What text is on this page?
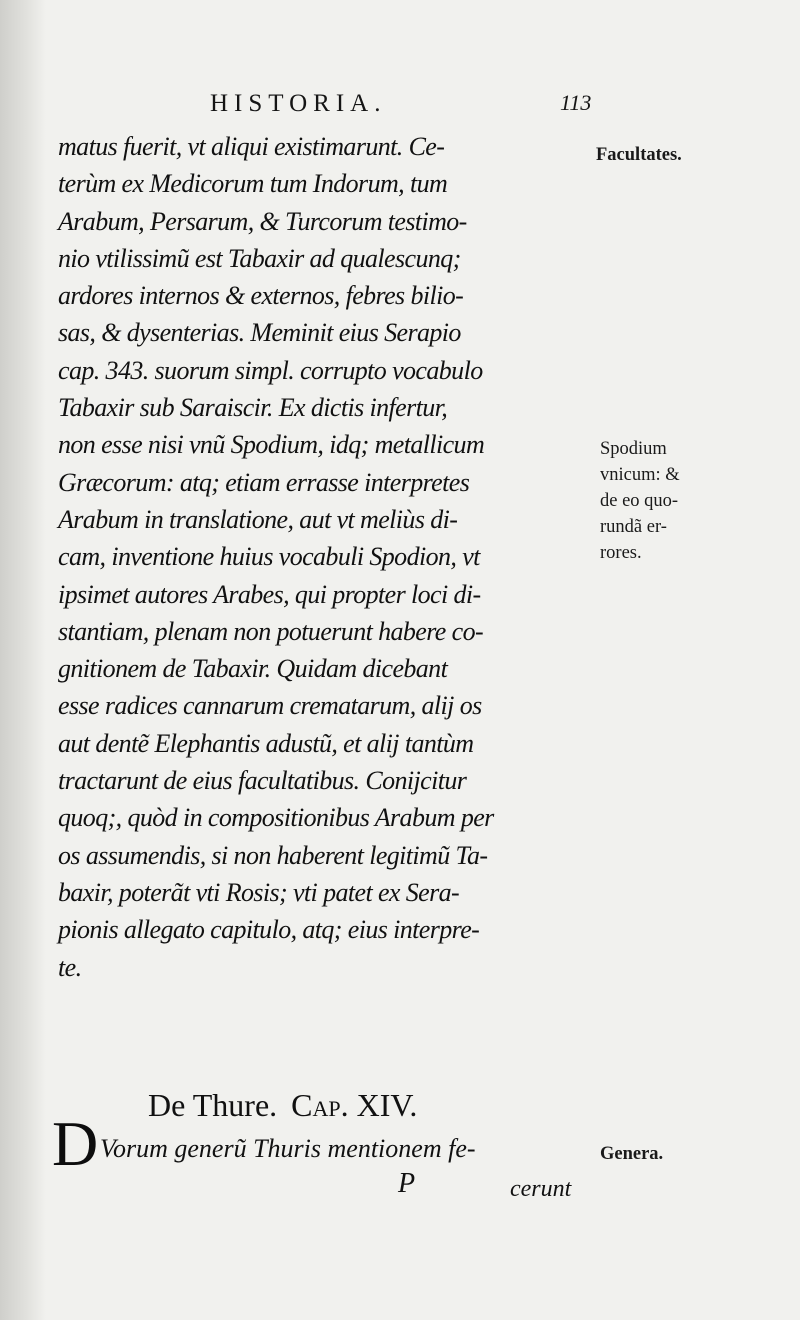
HISTORIA.	113
matus fuerit, vt aliqui existimarunt. Ce-
terùm ex Medicorum tum Indorum, tum
Arabum, Persarum, & Turcorum testimo-
nio vtilissimũ est Tabaxir ad qualescunq;
ardores internos & externos, febres bilio-
sas, & dysenterias. Meminit eius Serapio
cap. 343. suorum simpl. corrupto vocabulo
Tabaxir sub Saraiscir. Ex dictis infertur,
non esse nisi vnũ Spodium, idq; metallicum
Græcorum: atq; etiam errasse interpretes
Arabum in translatione, aut vt meliùs di-
cam, inventione huius vocabuli Spodion, vt
ipsimet autores Arabes, qui propter loci di-
stantiam, plenam non potuerunt habere co-
gnitionem de Tabaxir. Quidam dicebant
esse radices cannarum crematarum, alij os
aut dentẽ Elephantis adustũ, et alij tantùm
tractarunt de eius facultatibus. Conijcitur
quoq;, quòd in compositionibus Arabum per
os assumendis, si non haberent legitimũ Ta-
baxir, poterãt vti Rosis; vti patet ex Sera-
pionis allegato capitulo, atq; eius interpre-
te.
Facultates.
Spodium
vnicum: &
de eo quo-
rundã er-
rores.
De Thure. Cap. XIV.
D Vorum generũ Thuris mentionem fe-	Genera.
P	cerunt
